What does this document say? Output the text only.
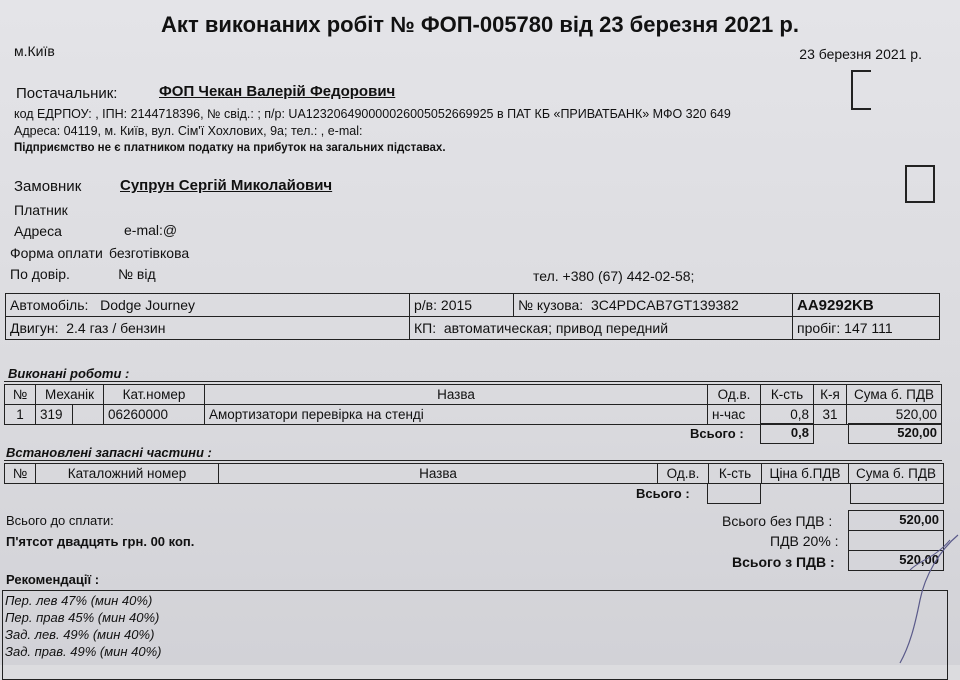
Акт виконаних робіт № ФОП-005780 від 23 березня 2021 р.
м.Київ	23 березня 2021 р.
Постачальник:	ФОП Чекан Валерій Федорович
код ЕДРПОУ: , ІПН: 2144718396, № свід.: ; п/р: UA123206490000026005052669925 в ПАТ КБ «ПРИВАТБАНК» МФО 320 649
Адреса: 04119, м. Київ, вул. Сім'ї Хохлових, 9а; тел.: , e-mal:
Підприємство не є платником податку на прибуток на загальних підставах.
Замовник	Супрун Сергій Миколайович
Платник
Адреса	e-mal:@
Форма оплати безготівкова
По довір.	№ від	тел. +380 (67) 442-02-58;
Автомобіль: Dodge Journey	р/в: 2015	№ кузова: 3C4PDCAB7GT139382	AA9292KB
Двигун: 2.4 газ / бензин	КП: автоматическая; привод передний		пробіг: 147 111
Виконані роботи :
№	Механік		Кат.номер	Назва	Од.в.	К-сть	К-я	Сума б. ПДВ
1	319		06260000	Амортизатори перевірка на стенді	н-час	0,8	31	520,00
Всього :	0,8	520,00
Встановлені запасні частини :
№	Каталожний номер	Назва	Од.в.	К-сть	Ціна б.ПДВ	Сума б. ПДВ
Всього :
Всього до сплати:
П'ятсот двадцять грн. 00 коп.
Всього без ПДВ :	520,00
ПДВ 20% :
Всього з ПДВ :	520,00
Рекомендації :
Пер. лев 47% (мин 40%)
Пер. прав 45% (мин 40%)
Зад. лев. 49% (мин 40%)
Зад. прав. 49% (мин 40%)
